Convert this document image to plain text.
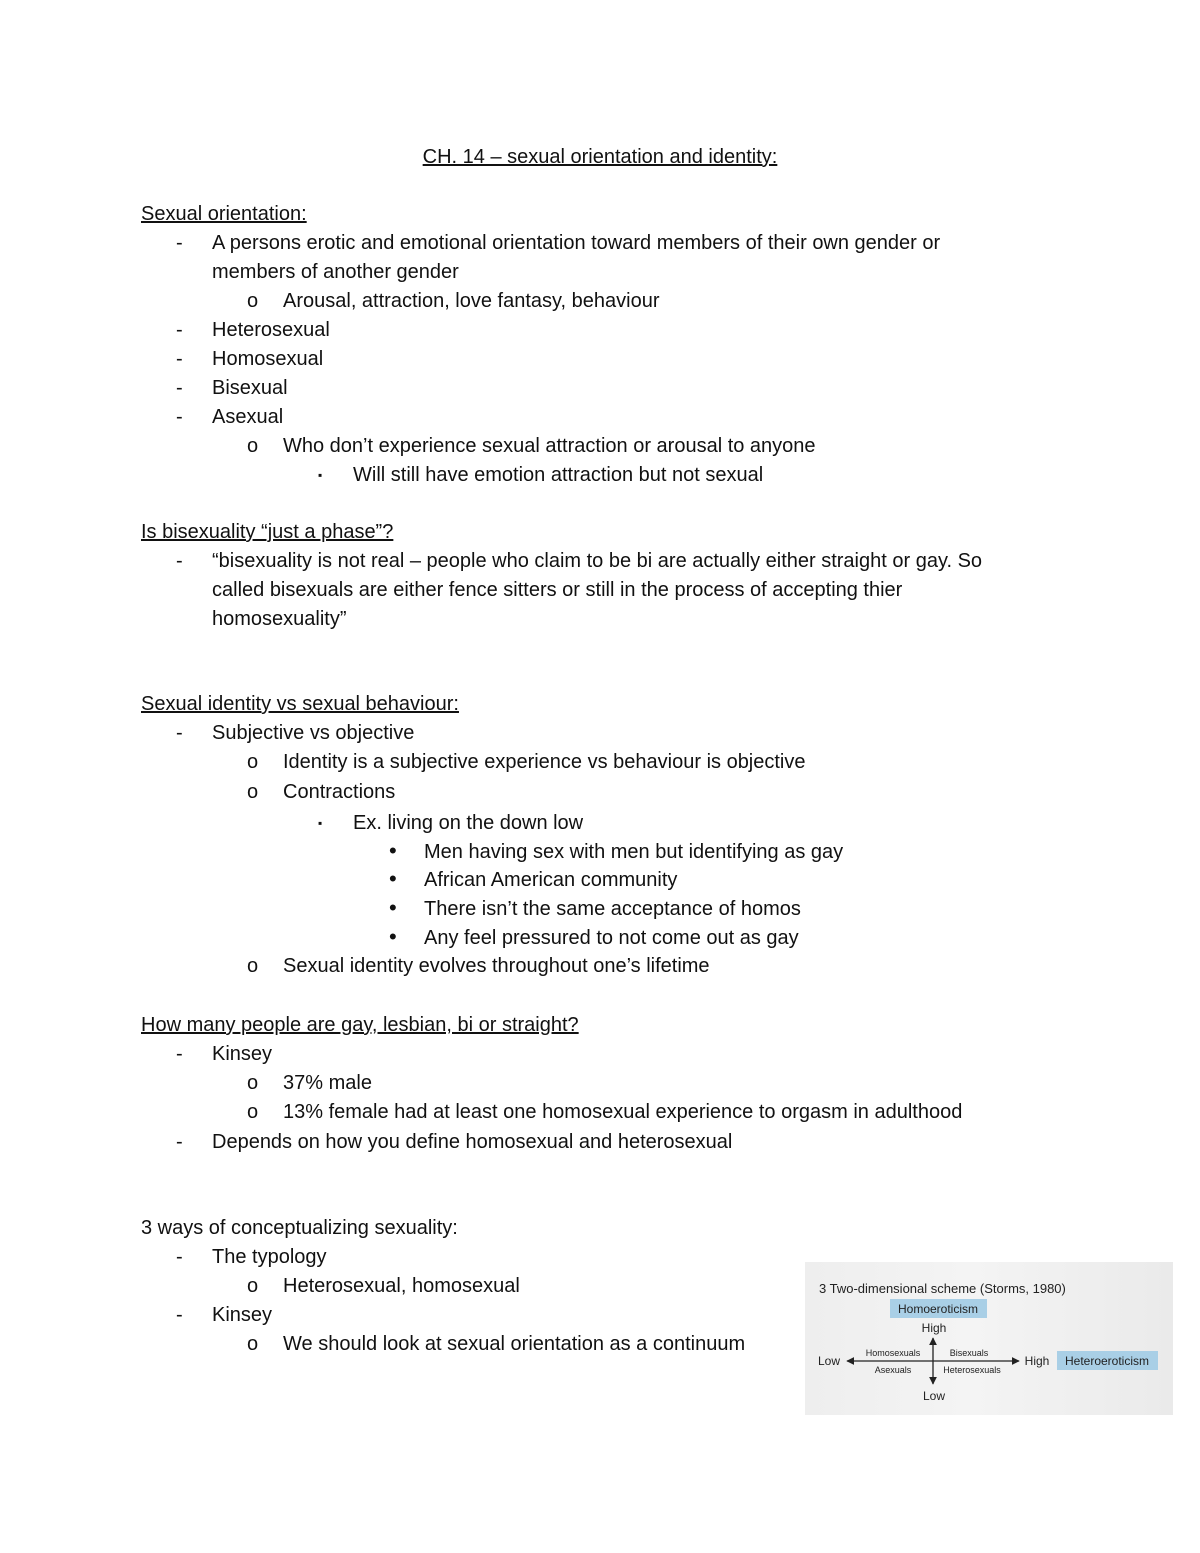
CH. 14 – sexual orientation and identity:
Sexual orientation:
- A persons erotic and emotional orientation toward members of their own gender or
members of another gender
o Arousal, attraction, love fantasy, behaviour
- Heterosexual
- Homosexual
- Bisexual
- Asexual
o Who don’t experience sexual attraction or arousal to anyone
▪ Will still have emotion attraction but not sexual
Is bisexuality “just a phase”?
- “bisexuality is not real – people who claim to be bi are actually either straight or gay. So
called bisexuals are either fence sitters or still in the process of accepting thier
homosexuality”
Sexual identity vs sexual behaviour:
- Subjective vs objective
o Identity is a subjective experience vs behaviour is objective
o Contractions
▪ Ex. living on the down low
• Men having sex with men but identifying as gay
• African American community
• There isn’t the same acceptance of homos
• Any feel pressured to not come out as gay
o Sexual identity evolves throughout one’s lifetime
How many people are gay, lesbian, bi or straight?
- Kinsey
o 37% male
o 13% female had at least one homosexual experience to orgasm in adulthood
- Depends on how you define homosexual and heterosexual
3 ways of conceptualizing sexuality:
- The typology
o Heterosexual, homosexual
- Kinsey
o We should look at sexual orientation as a continuum
3 Two-dimensional scheme (Storms, 1980)
Homoeroticism
High
Low	High Heteroeroticism
Homosexuals	Bisexuals
Asexuals	Heterosexuals
Low
